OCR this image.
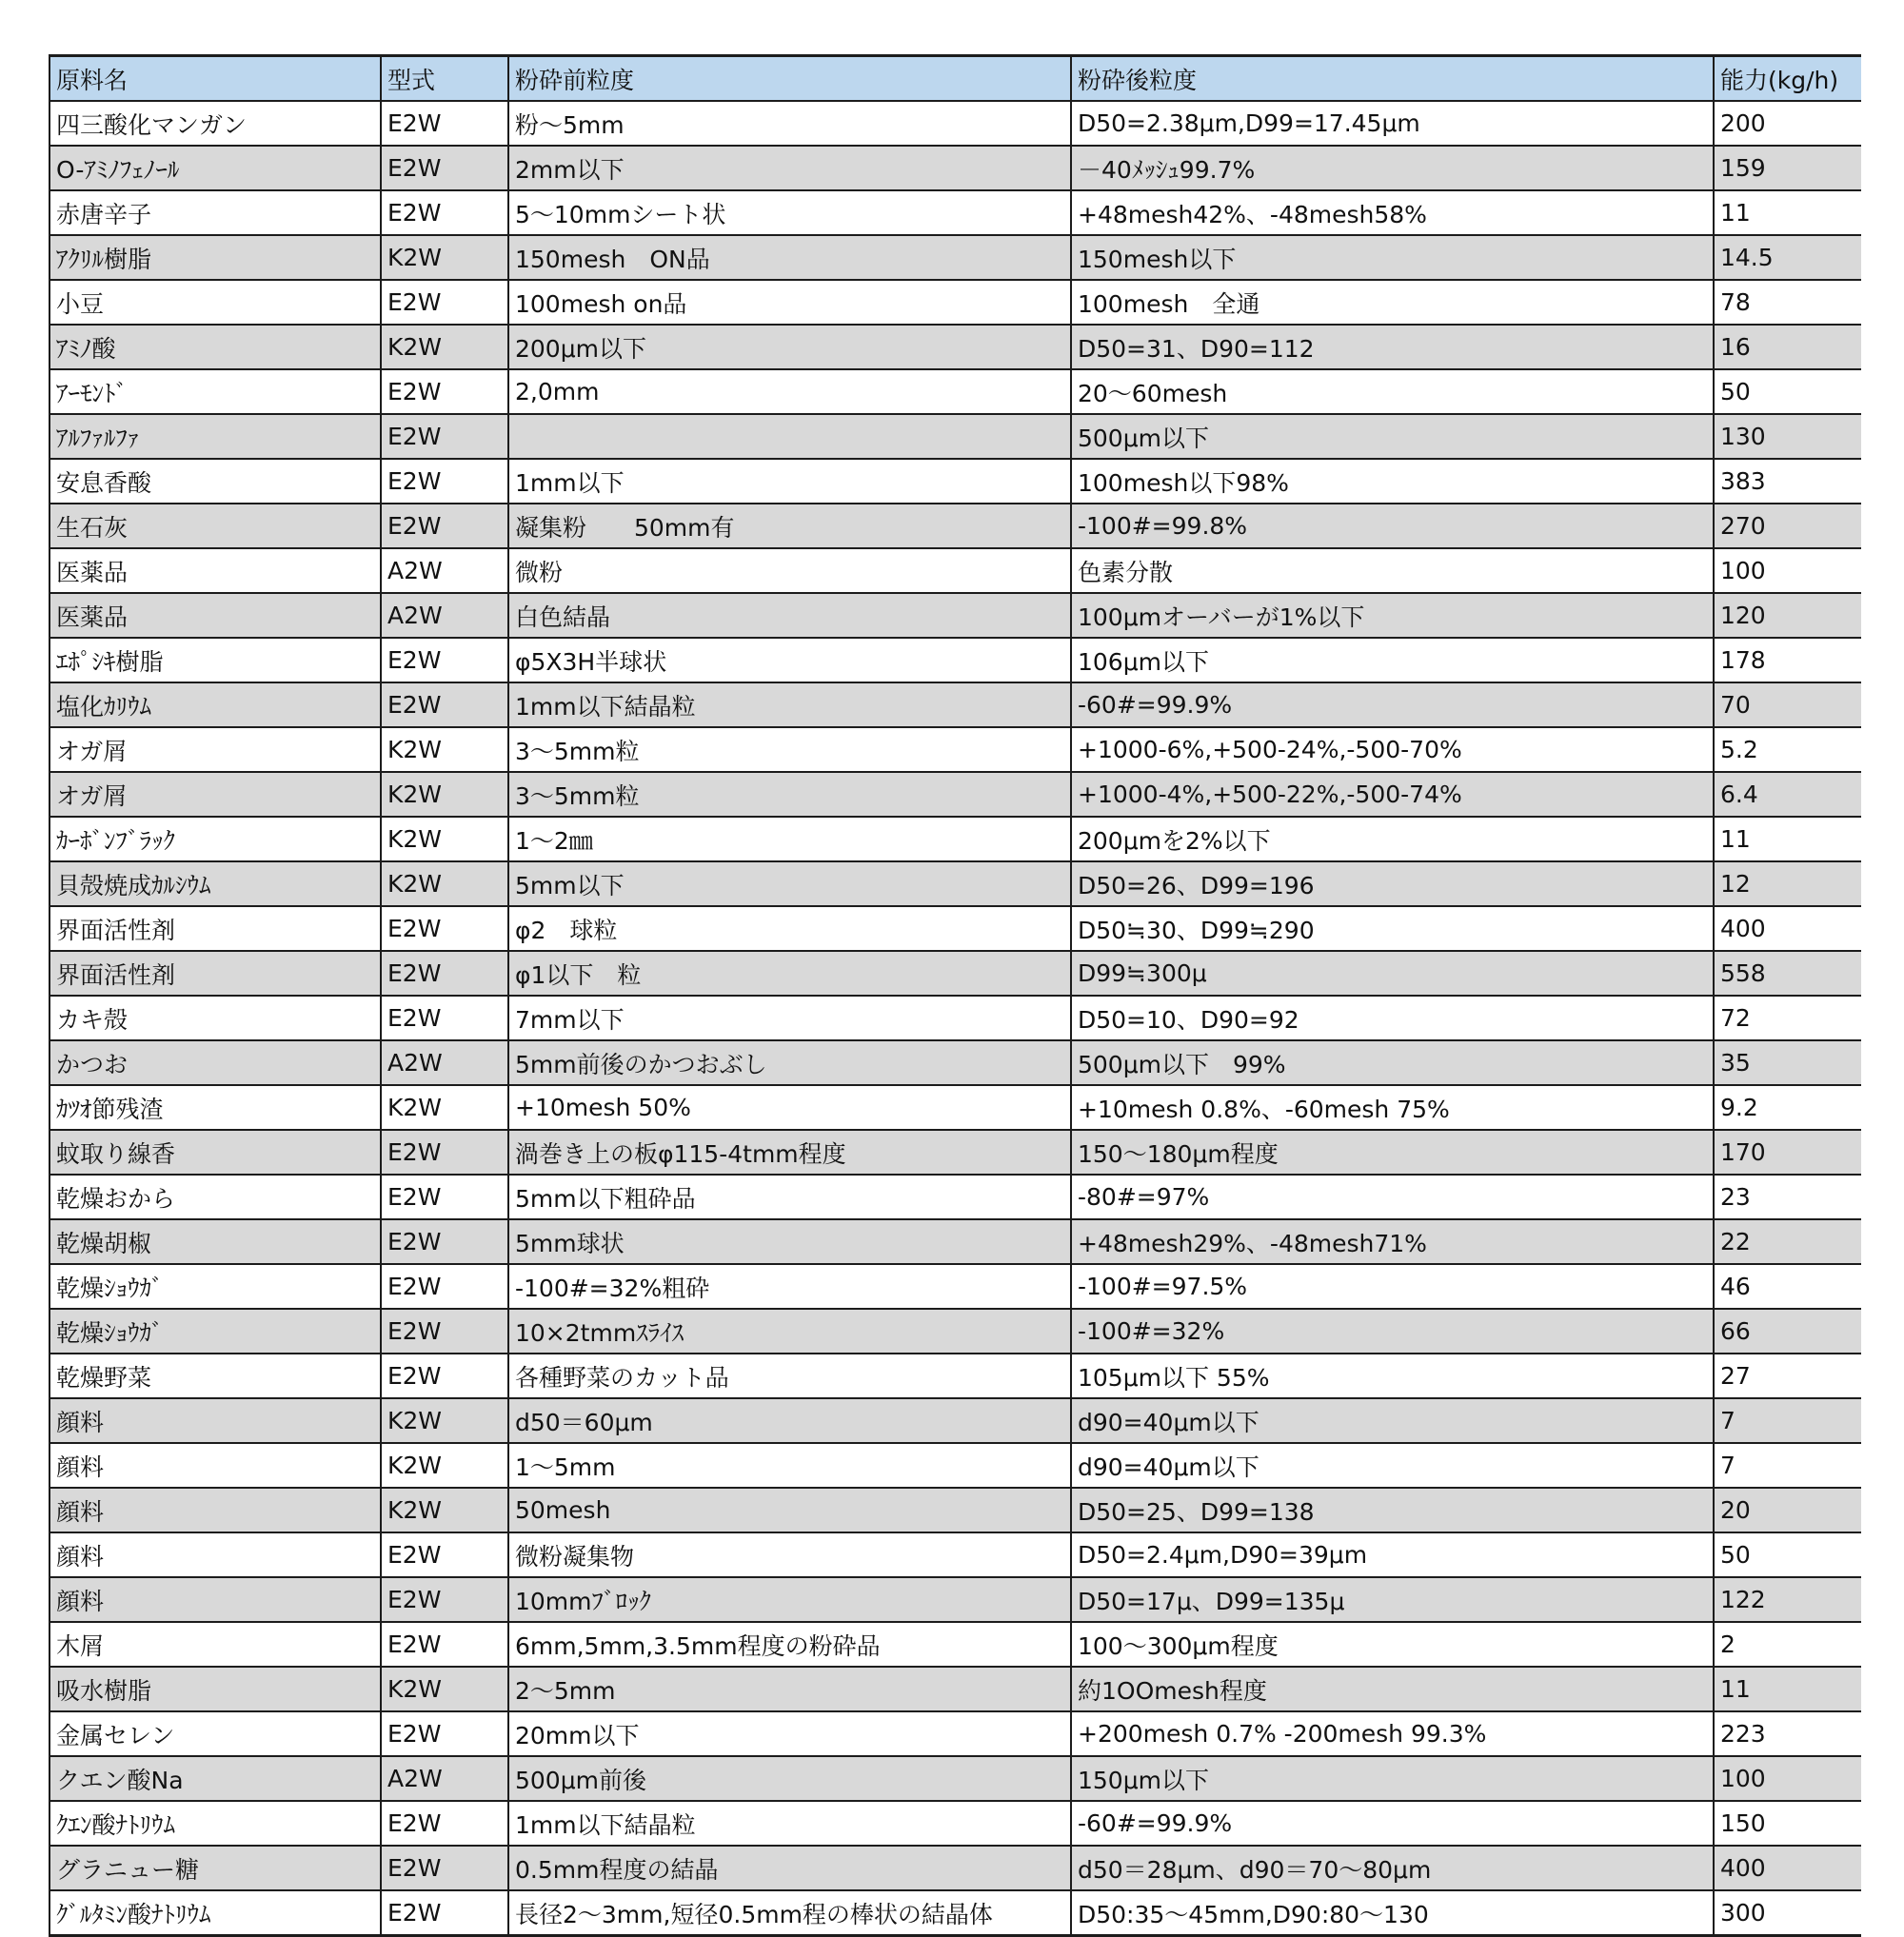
原料名	型式	粉砕前粒度	粉砕後粒度	能力(kg/h)
四三酸化マンガン	E2W	粉～5mm	D50=2.38μm,D99=17.45μm	200
O-ｱﾐﾉﾌｪﾉｰﾙ	E2W	2mm以下	－40ﾒｯｼｭ99.7%	159
赤唐辛子	E2W	5～10mmシート状	+48mesh42%、-48mesh58%	11
ｱｸﾘﾙ樹脂	K2W	150mesh　ON品	150mesh以下	14.5
小豆	E2W	100mesh on品	100mesh　全通	78
ｱﾐﾉ酸	K2W	200μm以下	D50=31、D90=112	16
ｱｰﾓﾝﾄﾞ	E2W	2,0mm	20～60mesh	50
ｱﾙﾌｧﾙﾌｧ	E2W		500μm以下	130
安息香酸	E2W	1mm以下	100mesh以下98%	383
生石灰	E2W	凝集粉　　50mm有	-100#=99.8%	270
医薬品	A2W	微粉	色素分散	100
医薬品	A2W	白色結晶	100μmオーバーが1%以下	120
ｴﾎﾟｼｷ樹脂	E2W	φ5X3H半球状	106μm以下	178
塩化ｶﾘｳﾑ	E2W	1mm以下結晶粒	-60#=99.9%	70
オガ屑	K2W	3～5mm粒	+1000-6%,+500-24%,-500-70%	5.2
オガ屑	K2W	3～5mm粒	+1000-4%,+500-22%,-500-74%	6.4
ｶｰﾎﾞﾝﾌﾞﾗｯｸ	K2W	1～2㎜	200μmを2%以下	11
貝殻焼成ｶﾙｼｳﾑ	K2W	5mm以下	D50=26、D99=196	12
界面活性剤	E2W	φ2　球粒	D50≒30、D99≒290	400
界面活性剤	E2W	φ1以下　粒	D99≒300μ	558
カキ殻	E2W	7mm以下	D50=10、D90=92	72
かつお	A2W	5mm前後のかつおぶし	500μm以下　99%	35
ｶﾂｵ節残渣	K2W	+10mesh 50%	+10mesh 0.8%、-60mesh 75%	9.2
蚊取り線香	E2W	渦巻き上の板φ115-4tmm程度	150～180μm程度	170
乾燥おから	E2W	5mm以下粗砕品	-80#=97%	23
乾燥胡椒	E2W	5mm球状	+48mesh29%、-48mesh71%	22
乾燥ｼｮｳｶﾞ	E2W	-100#=32%粗砕	-100#=97.5%	46
乾燥ｼｮｳｶﾞ	E2W	10×2tmmｽﾗｲｽ	-100#=32%	66
乾燥野菜	E2W	各種野菜のカット品	105μm以下 55%	27
顔料	K2W	d50＝60μm	d90=40μm以下	7
顔料	K2W	1～5mm	d90=40μm以下	7
顔料	K2W	50mesh	D50=25、D99=138	20
顔料	E2W	微粉凝集物	D50=2.4μm,D90=39μm	50
顔料	E2W	10mmﾌﾞﾛｯｸ	D50=17μ、D99=135μ	122
木屑	E2W	6mm,5mm,3.5mm程度の粉砕品	100～300μm程度	2
吸水樹脂	K2W	2～5mm	約1OOmesh程度	11
金属セレン	E2W	20mm以下	+200mesh 0.7% -200mesh 99.3%	223
クエン酸Na	A2W	500μm前後	150μm以下	100
ｸｴﾝ酸ﾅﾄﾘｳﾑ	E2W	1mm以下結晶粒	-60#=99.9%	150
グラニュー糖	E2W	0.5mm程度の結晶	d50＝28μm、d90＝70～80μm	400
ｸﾞﾙﾀﾐﾝ酸ﾅﾄﾘｳﾑ	E2W	長径2～3mm,短径0.5mm程の棒状の結晶体	D50:35～45mm,D90:80～130	300
